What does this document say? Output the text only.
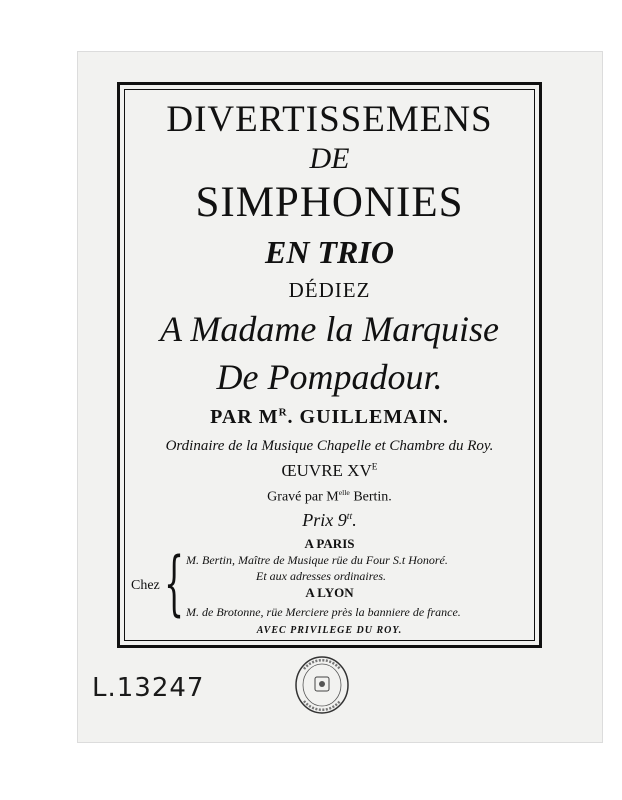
DIVERTISSEMENS
DE
SIMPHONIES
EN TRIO
DÉDIEZ
A Madame la Marquise
De Pompadour.
PAR $M^R$. GUILLEMAIN.
Ordinaire de la Musique Chapelle et Chambre du Roy.
ŒUVRE $XV^E$
Gravé par $M^{elle}$ Bertin.
Prix $9^{tt}$.
A PARIS
Chez { M. Bertin, Maître de Musique rüe du Four S.t Honoré.
Et aux adresses ordinaires.
A LYON
M. de Brotonne, rüe Merciere près la banniere de france.
AVEC PRIVILEGE DU ROY.
L.13247
